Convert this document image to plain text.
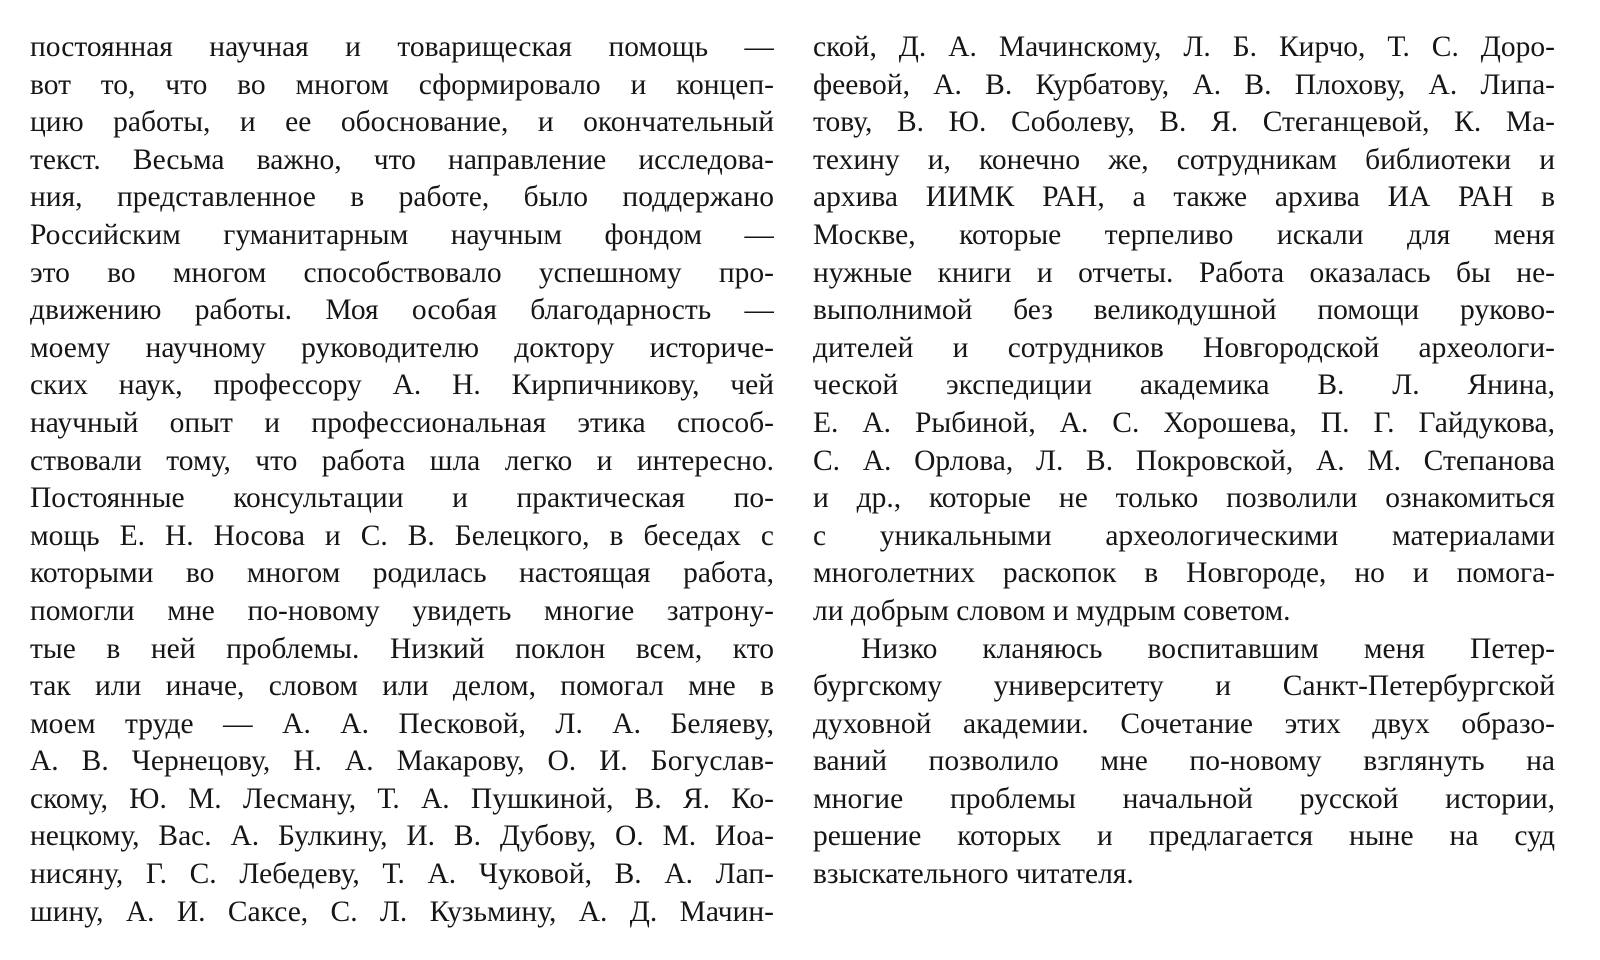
постоянная научная и товарищеская помощь —
вот то, что во многом сформировало и концеп-
цию работы, и ее обоснование, и окончательный
текст. Весьма важно, что направление исследова-
ния, представленное в работе, было поддержано
Российским гуманитарным научным фондом —
это во многом способствовало успешному про-
движению работы. Моя особая благодарность —
моему научному руководителю доктору историче-
ских наук, профессору А. Н. Кирпичникову, чей
научный опыт и профессиональная этика способ-
ствовали тому, что работа шла легко и интересно.
Постоянные консультации и практическая по-
мощь Е. Н. Носова и С. В. Белецкого, в беседах с
которыми во многом родилась настоящая работа,
помогли мне по-новому увидеть многие затрону-
тые в ней проблемы. Низкий поклон всем, кто
так или иначе, словом или делом, помогал мне в
моем труде — А. А. Песковой, Л. А. Беляеву,
А. В. Чернецову, Н. А. Макарову, О. И. Богуслав-
скому, Ю. М. Лесману, Т. А. Пушкиной, В. Я. Ко-
нецкому, Вас. А. Булкину, И. В. Дубову, О. М. Иоа-
нисяну, Г. С. Лебедеву, Т. А. Чуковой, В. А. Лап-
шину, А. И. Саксе, С. Л. Кузьмину, А. Д. Мачин-
ской, Д. А. Мачинскому, Л. Б. Кирчо, Т. С. Доро-
феевой, А. В. Курбатову, А. В. Плохову, А. Липа-
тову, В. Ю. Соболеву, В. Я. Стеганцевой, К. Ма-
техину и, конечно же, сотрудникам библиотеки и
архива ИИМК РАН, а также архива ИА РАН в
Москве, которые терпеливо искали для меня
нужные книги и отчеты. Работа оказалась бы не-
выполнимой без великодушной помощи руково-
дителей и сотрудников Новгородской археологи-
ческой экспедиции академика В. Л. Янина,
Е. А. Рыбиной, А. С. Хорошева, П. Г. Гайдукова,
С. А. Орлова, Л. В. Покровской, А. М. Степанова
и др., которые не только позволили ознакомиться
с уникальными археологическими материалами
многолетних раскопок в Новгороде, но и помога-
ли добрым словом и мудрым советом.
Низко кланяюсь воспитавшим меня Петер-
бургскому университету и Санкт-Петербургской
духовной академии. Сочетание этих двух образо-
ваний позволило мне по-новому взглянуть на
многие проблемы начальной русской истории,
решение которых и предлагается ныне на суд
взыскательного читателя.
